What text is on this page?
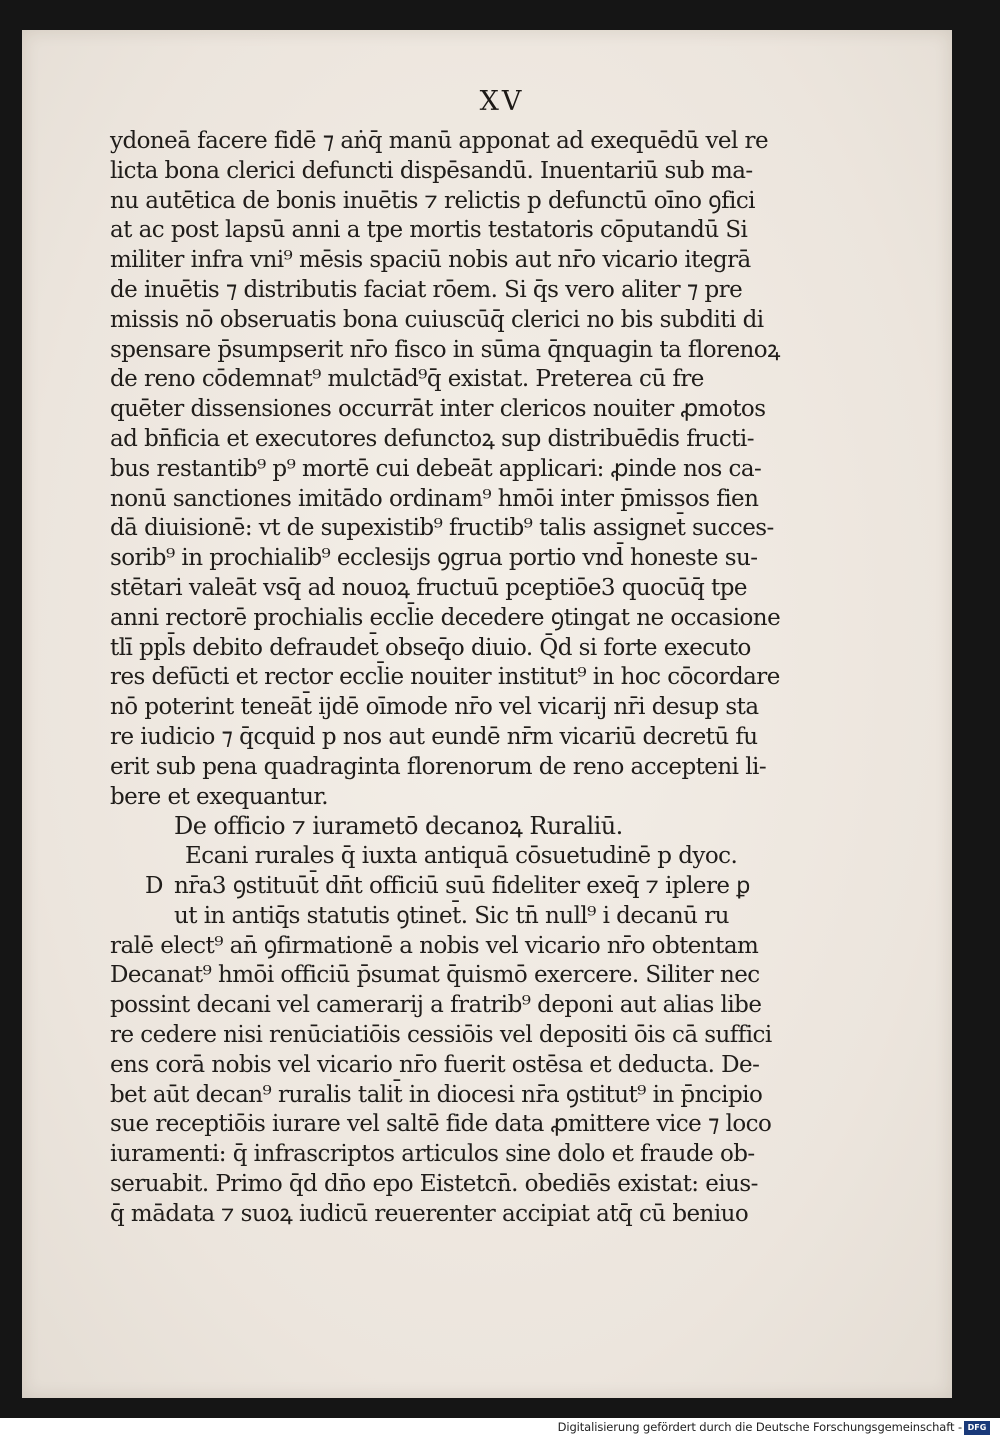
XV
ydoneā facere fidē ⁊ aṅq̄ manū apponat ad exequēdū vel re
licta bona clerici defuncti dispēsandū. Inuentariū sub ma-
nu autētica de bonis inuētis ⁊ relictis p defunctū oīno ꝯfici
at ac post lapsū anni a tpe mortis testatoris cōputandū Si
militer infra vni⁹ mēsis spaciū nobis aut nr̄o vicario itegrā
de inuētis ⁊ distributis faciat rōem. Si q̄s vero aliter ⁊ pre
missis nō obseruatis bona cuiuscūq̄ clerici no bis subditi di
spensare p̄sumpserit nr̄o fisco in sūma q̄nquagin ta florenoꝝ
de reno cōdemnat⁹ mulctād⁹q̄ existat. Preterea cū fre
quēter dissensiones occurrāt inter clericos nouiter ꝓmotos
ad bn̄ficia et executores defunctoꝝ sup distribuēdis fructi-
bus restantib⁹ p⁹ mortē cui debeāt applicari: ꝓinde nos ca-
nonū sanctiones imitādo ordinam⁹ hmōi inter p̄missos fien
dā diuisionē: vt de supexistib⁹ fructib⁹ talis assignet̄ succes-
sorib⁹ in prochialib⁹ ecclesijs ꝯgrua portio vnd̄ honeste su-
stētari valeāt vsq̄ ad nouoꝝ fructuū pceptiōe3 quocūq̄ tpe
anni rectorē prochialis eccl̄ie decedere ꝯtingat ne occasione
tlī ppl̄s debito defraudet̄ obseq̄o diuio. Q̄d si forte executo
res defūcti et rector eccl̄ie nouiter institut⁹ in hoc cōcordare
nō poterint teneāt̄ ijdē oīmode nr̄o vel vicarij nr̄i desup sta
re iudicio ⁊ q̄cquid p nos aut eundē nr̄m vicariū decretū fu
erit sub pena quadraginta florenorum de reno accepteni li-
bere et exequantur.
De officio ⁊ iurametō decanoꝝ Ruraliū.
Ecani rurales q̄ iuxta antiquā cōsuetudinē p dyoc.
D nr̄a3 ꝯstituūt̄ dn̄t officiū suū fideliter exeq̄ ⁊ iplere ꝑ
ut in antiq̄s statutis ꝯtinet̄. Sic tn̄ null⁹ i decanū ru
ralē elect⁹ an̄ ꝯfirmationē a nobis vel vicario nr̄o obtentam
Decanat⁹ hmōi officiū p̄sumat q̄uismō exercere. Siliter nec
possint decani vel camerarij a fratrib⁹ deponi aut alias libe
re cedere nisi renūciatiōis cessiōis vel depositi ōis cā suffici
ens corā nobis vel vicario nr̄o fuerit ostēsa et deducta. De-
bet aūt decan⁹ ruralis talit̄ in diocesi nr̄a ꝯstitut⁹ in p̄ncipio
sue receptiōis iurare vel saltē fide data ꝓmittere vice ⁊ loco
iuramenti: q̄ infrascriptos articulos sine dolo et fraude ob-
seruabit. Primo q̄d dn̄o epo Eistetcn̄. obediēs existat: eius-
q̄ mādata ⁊ suoꝝ iudicū reuerenter accipiat atq̄ cū beniuo
Digitalisierung gefördert durch die Deutsche Forschungsgemeinschaft - DFG
